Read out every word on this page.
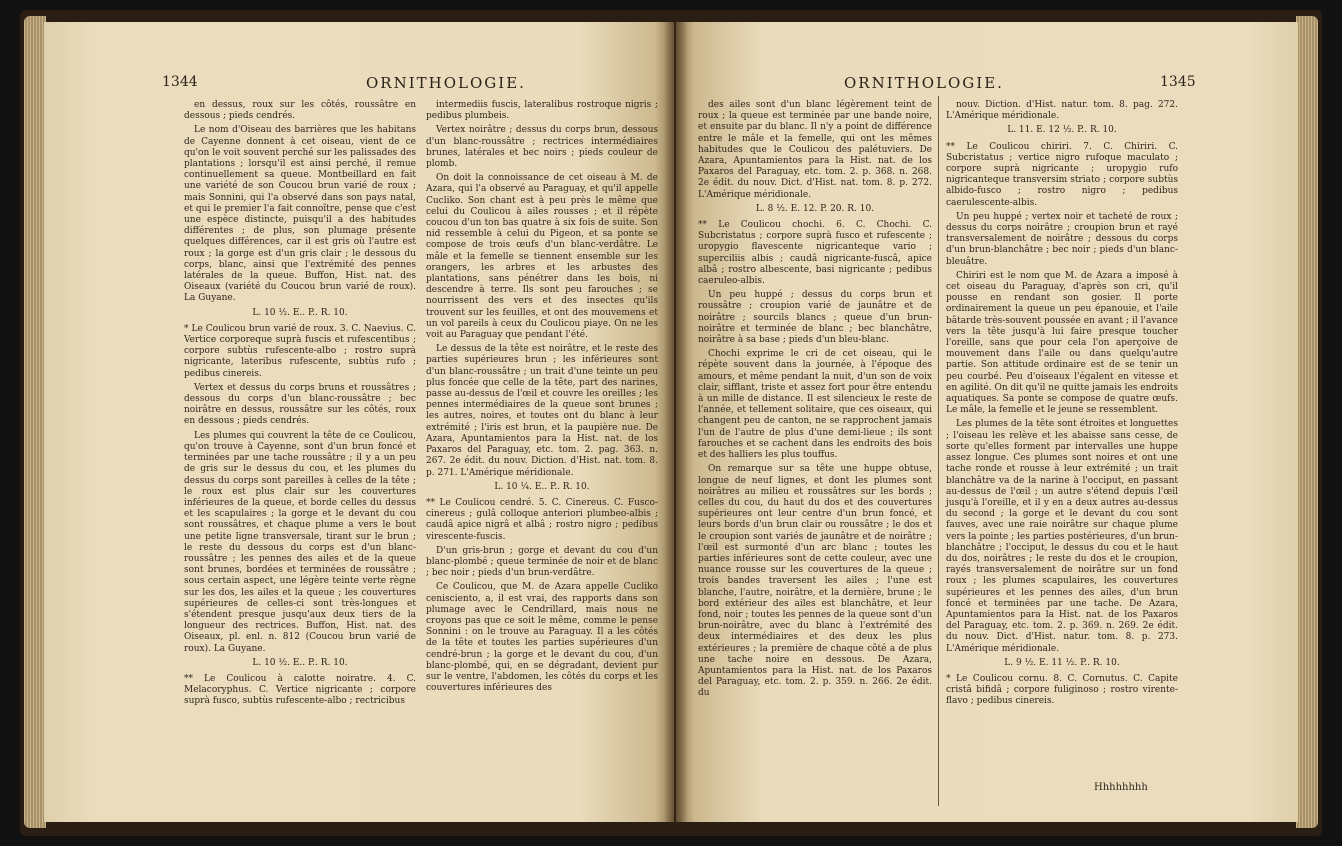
1344	ORNITHOLOGIE.

en dessus, roux sur les côtés, roussâtre en dessous ; pieds cendrés.

Le nom d'Oiseau des barrières que les habitans de Cayenne donnent à cet oiseau, vient de ce qu'on le voit souvent perché sur les palissades des plantations ; lorsqu'il est ainsi perché, il remue continuellement sa queue. Montbeillard en fait une variété de son Coucou brun varié de roux ; mais Sonnini, qui l'a observé dans son pays natal, et qui le premier l'a fait connoître, pense que c'est une espèce distincte, puisqu'il a des habitudes différentes ; de plus, son plumage présente quelques différences, car il est gris où l'autre est roux ; la gorge est d'un gris clair ; le dessous du corps, blanc, ainsi que l'extrémité des pennes latérales de la queue. Buffon, Hist. nat. des Oiseaux (variété du Coucou brun varié de roux). La Guyane.

L. 10 ½. E.. P.. R. 10.

* Le Coulicou brun varié de roux. 3. C. Naevius. C. Vertice corporeque suprà fuscis et rufescentibus ; corpore subtùs rufescente-albo ; rostro suprà nigricante, lateribus rufescente, subtùs rufo ; pedibus cinereis.

Vertex et dessus du corps bruns et roussâtres ; dessous du corps d'un blanc-roussâtre ; bec noirâtre en dessus, roussâtre sur les côtés, roux en dessous ; pieds cendrés.

Les plumes qui couvrent la tête de ce Coulicou, qu'on trouve à Cayenne, sont d'un brun foncé et terminées par une tache roussâtre ; il y a un peu de gris sur le dessus du cou, et les plumes du dessus du corps sont pareilles à celles de la tête ; le roux est plus clair sur les couvertures inférieures de la queue, et borde celles du dessus et les scapulaires ; la gorge et le devant du cou sont roussâtres, et chaque plume a vers le bout une petite ligne transversale, tirant sur le brun ; le reste du dessous du corps est d'un blanc-roussâtre ; les pennes des ailes et de la queue sont brunes, bordées et terminées de roussâtre ; sous certain aspect, une légère teinte verte règne sur les dos, les ailes et la queue ; les couvertures supérieures de celles-ci sont très-longues et s'étendent presque jusqu'aux deux tiers de la longueur des rectrices. Buffon, Hist. nat. des Oiseaux, pl. enl. n. 812 (Coucou brun varié de roux). La Guyane.

L. 10 ½. E.. P.. R. 10.

** Le Coulicou à calotte noiratre. 4. C. Melacoryphus. C. Vertice nigricante ; corpore suprà fusco, subtùs rufescente-albo ; rectricibus

intermediis fuscis, lateralibus rostroque nigris ; pedibus plumbeis.

Vertex noirâtre ; dessus du corps brun, dessous d'un blanc-roussâtre ; rectrices intermédiaires brunes, latérales et bec noirs ; pieds couleur de plomb.

On doit la connoissance de cet oiseau à M. de Azara, qui l'a observé au Paraguay, et qu'il appelle Cucliko. Son chant est à peu près le même que celui du Coulicou à ailes rousses ; et il répète coucou d'un ton bas quatre à six fois de suite. Son nid ressemble à celui du Pigeon, et sa ponte se compose de trois œufs d'un blanc-verdâtre. Le mâle et la femelle se tiennent ensemble sur les orangers, les arbres et les arbustes des plantations, sans pénétrer dans les bois, ni descendre à terre. Ils sont peu farouches ; se nourrissent des vers et des insectes qu'ils trouvent sur les feuilles, et ont des mouvemens et un vol pareils à ceux du Coulicou piaye. On ne les voit au Paraguay que pendant l'été.

Le dessus de la tête est noirâtre, et le reste des parties supérieures brun ; les inférieures sont d'un blanc-roussâtre ; un trait d'une teinte un peu plus foncée que celle de la tête, part des narines, passe au-dessus de l'œil et couvre les oreilles ; les pennes intermédiaires de la queue sont brunes ; les autres, noires, et toutes ont du blanc à leur extrémité ; l'iris est brun, et la paupière nue. De Azara, Apuntamientos para la Hist. nat. de los Paxaros del Paraguay, etc. tom. 2. pag. 363. n. 267. 2e édit. du nouv. Diction. d'Hist. nat. tom. 8. p. 271. L'Amérique méridionale.

L. 10 ¼. E.. P.. R. 10.

** Le Coulicou cendré. 5. C. Cinereus. C. Fusco-cinereus ; gulâ colloque anteriori plumbeo-albis ; caudâ apice nigrâ et albâ ; rostro nigro ; pedibus virescente-fuscis.

D'un gris-brun ; gorge et devant du cou d'un blanc-plombé ; queue terminée de noir et de blanc ; bec noir ; pieds d'un brun-verdâtre.

Ce Coulicou, que M. de Azara appelle Cucliko cenisciento, a, il est vrai, des rapports dans son plumage avec le Cendrillard, mais nous ne croyons pas que ce soit le même, comme le pense Sonnini : on le trouve au Paraguay. Il a les côtés de la tête et toutes les parties supérieures d'un cendré-brun ; la gorge et le devant du cou, d'un blanc-plombé, qui, en se dégradant, devient pur sur le ventre, l'abdomen, les côtés du corps et les couvertures inférieures des

ORNITHOLOGIE.	1345

des ailes sont d'un blanc légèrement teint de roux ; la queue est terminée par une bande noire, et ensuite par du blanc. Il n'y a point de différence entre le mâle et la femelle, qui ont les mêmes habitudes que le Coulicou des palétuviers. De Azara, Apuntamientos para la Hist. nat. de los Paxaros del Paraguay, etc. tom. 2. p. 368. n. 268. 2e édit. du nouv. Dict. d'Hist. nat. tom. 8. p. 272. L'Amérique méridionale.

L. 8 ½. E. 12. P. 20. R. 10.

** Le Coulicou chochi. 6. C. Chochi. C. Subcristatus ; corpore suprà fusco et rufescente ; uropygio flavescente nigricanteque vario ; superciliis albis ; caudâ nigricante-fuscâ, apice albâ ; rostro albescente, basi nigricante ; pedibus caeruleo-albis.

Un peu huppé ; dessus du corps brun et roussâtre ; croupion varié de jaunâtre et de noirâtre ; sourcils blancs ; queue d'un brun-noirâtre et terminée de blanc ; bec blanchâtre, noirâtre à sa base ; pieds d'un bleu-blanc.

Chochi exprime le cri de cet oiseau, qui le répète souvent dans la journée, à l'époque des amours, et même pendant la nuit, d'un son de voix clair, sifflant, triste et assez fort pour être entendu à un mille de distance. Il est silencieux le reste de l'année, et tellement solitaire, que ces oiseaux, qui changent peu de canton, ne se rapprochent jamais l'un de l'autre de plus d'une demi-lieue ; ils sont farouches et se cachent dans les endroits des bois et des halliers les plus touffus.

On remarque sur sa tête une huppe obtuse, longue de neuf lignes, et dont les plumes sont noirâtres au milieu et roussâtres sur les bords ; celles du cou, du haut du dos et des couvertures supérieures ont leur centre d'un brun foncé, et leurs bords d'un brun clair ou roussâtre ; le dos et le croupion sont variés de jaunâtre et de noirâtre ; l'œil est surmonté d'un arc blanc ; toutes les parties inférieures sont de cette couleur, avec une nuance rousse sur les couvertures de la queue ; trois bandes traversent les ailes ; l'une est blanche, l'autre, noirâtre, et la dernière, brune ; le bord extérieur des ailes est blanchâtre, et leur fond, noir ; toutes les pennes de la queue sont d'un brun-noirâtre, avec du blanc à l'extrémité des deux intermédiaires et des deux les plus extérieures ; la première de chaque côté a de plus une tache noire en dessous. De Azara, Apuntamientos para la Hist. nat. de los Paxaros del Paraguay, etc. tom. 2. p. 359. n. 266. 2e édit. du

nouv. Diction. d'Hist. natur. tom. 8. pag. 272. L'Amérique méridionale.

L. 11. E. 12 ½. P.. R. 10.

** Le Coulicou chiriri. 7. C. Chiriri. C. Subcristatus ; vertice nigro rufoque maculato ; corpore suprà nigricante ; uropygio rufo nigricanteque transversim striato ; corpore subtùs albido-fusco ; rostro nigro ; pedibus caerulescente-albis.

Un peu huppé ; vertex noir et tacheté de roux ; dessus du corps noirâtre ; croupion brun et rayé transversalement de noirâtre ; dessous du corps d'un brun-blanchâtre ; bec noir ; pieds d'un blanc-bleuâtre.

Chiriri est le nom que M. de Azara a imposé à cet oiseau du Paraguay, d'après son cri, qu'il pousse en rendant son gosier. Il porte ordinairement la queue un peu épanouie, et l'aile bâtarde très-souvent poussée en avant ; il l'avance vers la tête jusqu'à lui faire presque toucher l'oreille, sans que pour cela l'on aperçoive de mouvement dans l'aile ou dans quelqu'autre partie. Son attitude ordinaire est de se tenir un peu courbé. Peu d'oiseaux l'égalent en vitesse et en agilité. On dit qu'il ne quitte jamais les endroits aquatiques. Sa ponte se compose de quatre œufs. Le mâle, la femelle et le jeune se ressemblent.

Les plumes de la tête sont étroites et longuettes ; l'oiseau les relève et les abaisse sans cesse, de sorte qu'elles forment par intervalles une huppe assez longue. Ces plumes sont noires et ont une tache ronde et rousse à leur extrémité ; un trait blanchâtre va de la narine à l'occiput, en passant au-dessus de l'œil ; un autre s'étend depuis l'œil jusqu'à l'oreille, et il y en a deux autres au-dessus du second ; la gorge et le devant du cou sont fauves, avec une raie noirâtre sur chaque plume vers la pointe ; les parties postérieures, d'un brun-blanchâtre ; l'occiput, le dessus du cou et le haut du dos, noirâtres ; le reste du dos et le croupion, rayés transversalement de noirâtre sur un fond roux ; les plumes scapulaires, les couvertures supérieures et les pennes des ailes, d'un brun foncé et terminées par une tache. De Azara, Apuntamientos para la Hist. nat. de los Paxaros del Paraguay, etc. tom. 2. p. 369. n. 269. 2e édit. du nouv. Dict. d'Hist. natur. tom. 8. p. 273. L'Amérique méridionale.

L. 9 ½. E. 11 ½. P.. R. 10.

* Le Coulicou cornu. 8. C. Cornutus. C. Capite cristâ bifidâ ; corpore fuliginoso ; rostro virente-flavo ; pedibus cinereis.

Hhhhhhhh
